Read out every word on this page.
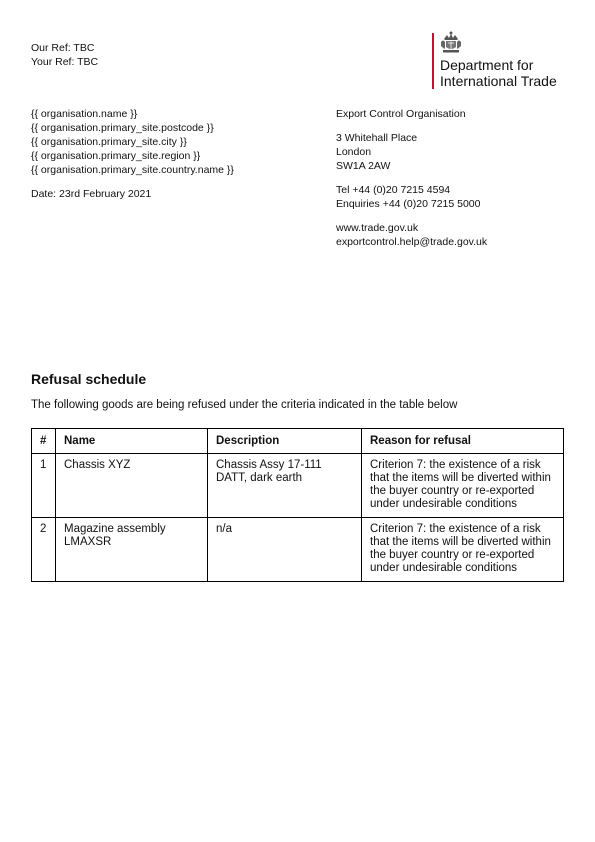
Our Ref: TBC
Your Ref: TBC	Department for
International Trade
{{ organisation.name }}
{{ organisation.primary_site.postcode }}
{{ organisation.primary_site.city }}
{{ organisation.primary_site.region }}
{{ organisation.primary_site.country.name }}
Date: 23rd February 2021
Export Control Organisation
3 Whitehall Place
London
SW1A 2AW
Tel +44 (0)20 7215 4594
Enquiries +44 (0)20 7215 5000
www.trade.gov.uk
exportcontrol.help@trade.gov.uk
Refusal schedule
The following goods are being refused under the criteria indicated in the table below
#	Name	Description	Reason for refusal
1	Chassis XYZ	Chassis Assy 17-111 DATT, dark earth	Criterion 7: the existence of a risk that the items will be diverted within the buyer country or re-exported under undesirable conditions
2	Magazine assembly LMAXSR	n/a	Criterion 7: the existence of a risk that the items will be diverted within the buyer country or re-exported under undesirable conditions
